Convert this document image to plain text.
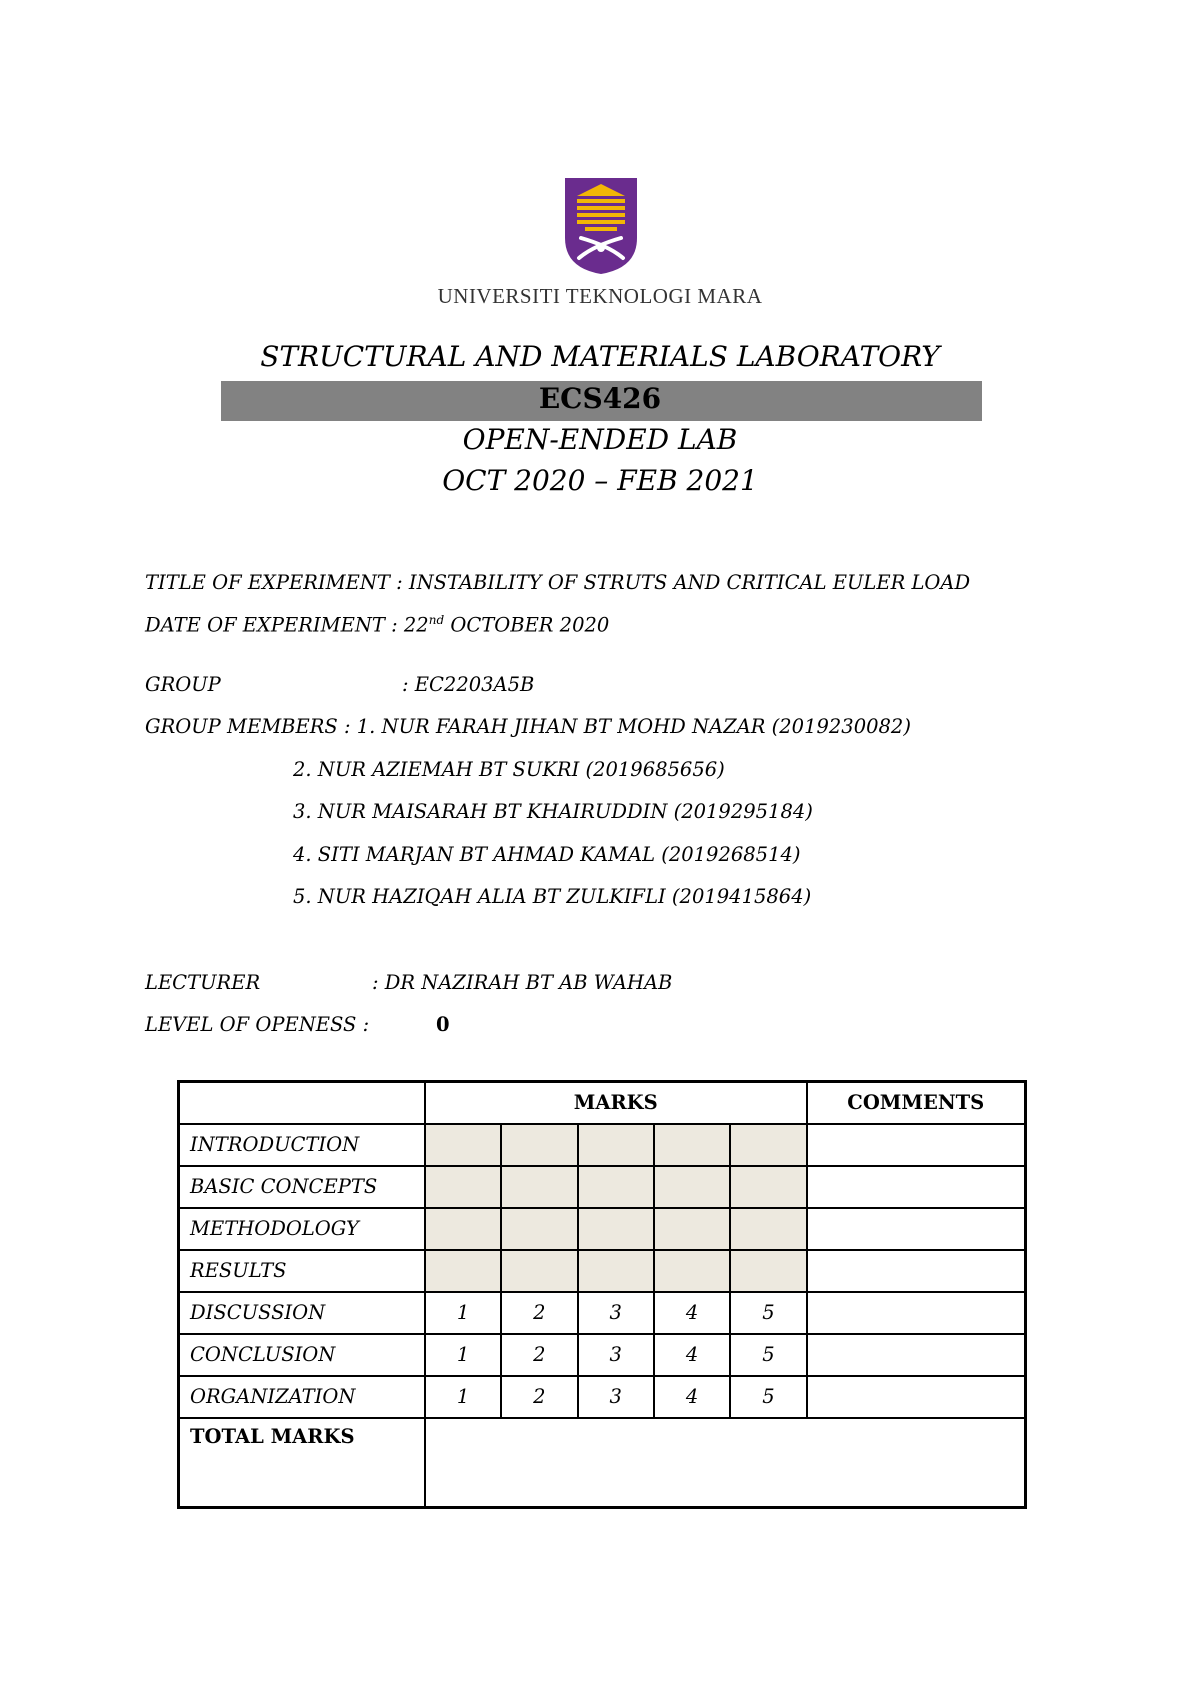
UNIVERSITI TEKNOLOGI MARA
STRUCTURAL AND MATERIALS LABORATORY
ECS426
OPEN-ENDED LAB
OCT 2020 – FEB 2021
TITLE OF EXPERIMENT : INSTABILITY OF STRUTS AND CRITICAL EULER LOAD
DATE OF EXPERIMENT : 22nd OCTOBER 2020
GROUP	: EC2203A5B
GROUP MEMBERS : 1. NUR FARAH JIHAN BT MOHD NAZAR (2019230082)
2. NUR AZIEMAH BT SUKRI (2019685656)
3. NUR MAISARAH BT KHAIRUDDIN (2019295184)
4. SITI MARJAN BT AHMAD KAMAL (2019268514)
5. NUR HAZIQAH ALIA BT ZULKIFLI (2019415864)
LECTURER	: DR NAZIRAH BT AB WAHAB
LEVEL OF OPENESS :	0
	MARKS					COMMENTS
INTRODUCTION						
BASIC CONCEPTS						
METHODOLOGY						
RESULTS						
DISCUSSION	1	2	3	4	5	
CONCLUSION	1	2	3	4	5	
ORGANIZATION	1	2	3	4	5	
TOTAL MARKS						
